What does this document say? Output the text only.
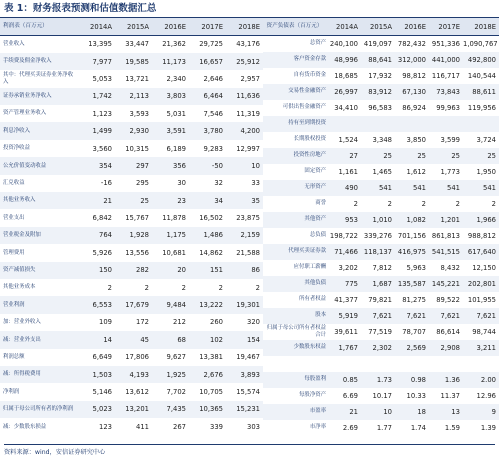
表 1：财务报表预测和估值数据汇总
利润表（百万元）	2014A	2015A	2016E	2017E	2018E
营业收入	13,395	33,447	21,362	29,725	43,176
手续费及佣金净收入	7,977	19,585	11,173	16,657	25,912
其中：代理买卖证券业务净收入	5,053	13,721	2,340	2,646	2,957
证券承销业务净收入	1,742	2,113	3,803	6,464	11,636
资产管理业务收入	1,123	3,593	5,031	7,546	11,319
利息净收入	1,499	2,930	3,591	3,780	4,200
投资净收益	3,560	10,315	6,189	9,283	12,997
公允价值变动收益	354	297	356	-50	10
汇兑收益	-16	295	30	32	33
其他业务收入	21	25	23	34	35
营业支出	6,842	15,767	11,878	16,502	23,875
营业税金及附加	764	1,928	1,175	1,486	2,159
管理费用	5,926	13,556	10,681	14,862	21,588
资产减值损失	150	282	20	151	86
其他业务成本	2	2	2	2	2
营业利润	6,553	17,679	9,484	13,222	19,301
加：营业外收入	109	172	212	260	320
减：营业外支出	14	45	68	102	154
利润总额	6,649	17,806	9,627	13,381	19,467
减：所得税费用	1,503	4,193	1,925	2,676	3,893
净利润	5,146	13,612	7,702	10,705	15,574
归属于母公司所有者的净利润	5,023	13,201	7,435	10,365	15,231
减：少数股东损益	123	411	267	339	303
资产负债表（百万元）	2014A	2015A	2016E	2017E	2018E
总资产	240,100	419,097	782,432	951,336	1,090,767
客户资金存款	48,996	88,641	312,000	441,000	492,800
自有货币资金	18,685	17,932	98,812	116,717	140,544
交易性金融资产	26,997	83,912	67,130	73,843	88,611
可供出售金融资产	34,410	96,583	86,924	99,963	119,956
持有至到期投资					
长期股权投资	1,524	3,348	3,850	3,599	3,724
投资性房地产	27	25	25	25	25
固定资产	1,161	1,465	1,612	1,773	1,950
无形资产	490	541	541	541	541
商誉	2	2	2	2	2
其他资产	953	1,010	1,082	1,201	1,966
总负债	198,722	339,276	701,156	861,813	988,812
代理买卖证券款	71,466	118,137	416,975	541,515	617,640
应付职工薪酬	3,202	7,812	5,963	8,432	12,150
其他负债	775	1,687	135,587	145,221	202,801
所有者权益	41,377	79,821	81,275	89,522	101,955
股本	5,919	7,621	7,621	7,621	7,621
归属于母公司所有者权益合计	39,611	77,519	78,707	86,614	98,744
少数股东权益	1,767	2,302	2,569	2,908	3,211

每股盈利	0.85	1.73	0.98	1.36	2.00
每股净资产	6.69	10.17	10.33	11.37	12.96
市盈率	21	10	18	13	9
市净率	2.69	1.77	1.74	1.59	1.39
资料来源：wind，安信证券研究中心
